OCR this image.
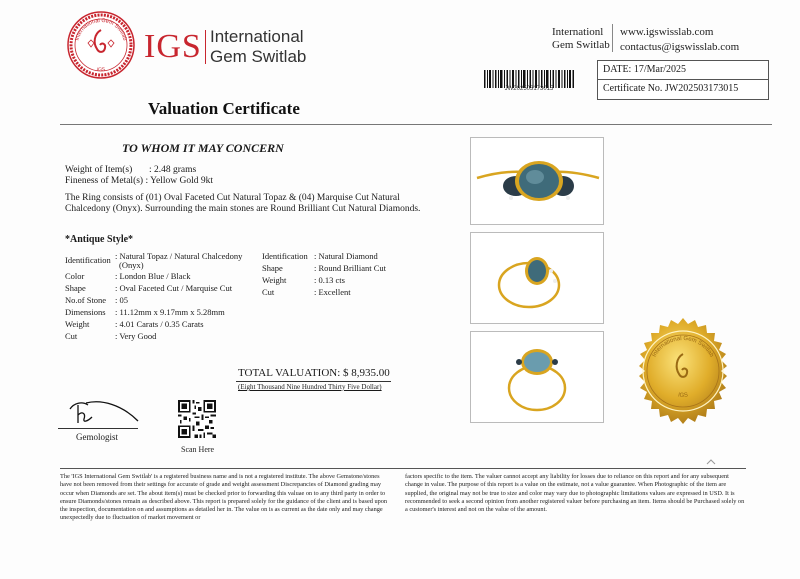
International Gem Switlab
IGS
IGS International
Gem Switlab
Internationl
Gem Switlab
www.igswisslab.com
contactus@igswisslab.com
JW202503173015
DATE: 17/Mar/2025
Certificate No. JW202503173015
Valuation Certificate
TO WHOM IT MAY CONCERN
Weight of Item(s) : 2.48 grams
Fineness of Metal(s) : Yellow Gold 9kt
The Ring consists of (01) Oval Faceted Cut Natural Topaz & (04) Marquise Cut Natural Chalcedony (Onyx). Surrounding the main stones are Round Brilliant Cut Natural Diamonds.
*Antique Style*
Identification : Natural Topaz / Natural Chalcedony
(Onyx)
Color	: London Blue / Black
Shape	: Oval Faceted Cut / Marquise Cut
No.of Stone : 05
Dimensions : 11.12mm x 9.17mm x 5.28mm
Weight	: 4.01 Carats / 0.35 Carats
Cut	: Very Good
Identification : Natural Diamond
Shape	: Round Brilliant Cut
Weight	: 0.13 cts
Cut	: Excellent
TOTAL VALUATION: $ 8,935.00
(Eight Thousand Nine Hundred Thirty Five Dollar)
Gemologist
Scan Here
International Gem Switlab
IGS
The 'IGS International Gem Switlab' is a registered business name and is not a registered institute. The above Gemstone/stones have not been removed from their settings for accurate of grade and weight assessment Discrepancies of Diamond grading may occur when Diamonds are set. The about item(s) must be checked prior to forwarding this valuae on to any third party in order to ensure Diamonds/stones remain as described above. This report is prepared solely for the guidance of the client and is based upon the inspection, documentation on and assumptions as detailed her in. The value on is as current as the date only and may change unexpectedly due to fluctuation of market movement or
factors specific to the item. The valuer cannot accept any liability for losses due to reliance on this report and for any subsequent change in value. The purpose of this report is a value on the estimate, not a value guarantee. When Photographic of the item are supplied, the original may not be true to size and color may vary due to photographic limitations values are expressed in USD. It is recommended to seek a second opinion from another registered valuer before purchasing an item. Items should be Purchased solely on a customer's interest and not on the value of the amount.
